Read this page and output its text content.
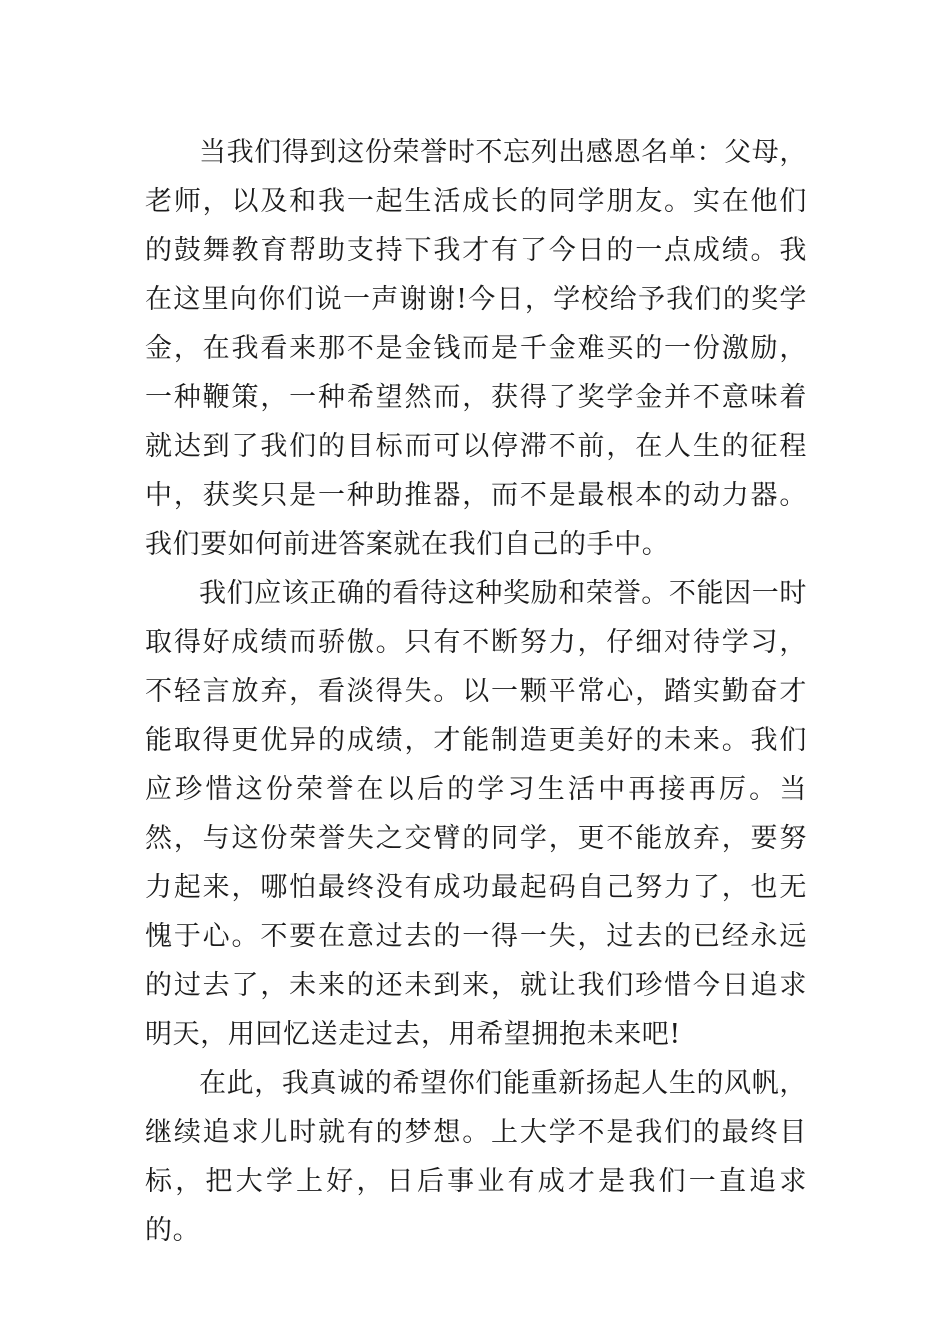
当我们得到这份荣誉时不忘列出感恩名单：父母，老师，以及和我一起生活成长的同学朋友。实在他们的鼓舞教育帮助支持下我才有了今日的一点成绩。我在这里向你们说一声谢谢!今日，学校给予我们的奖学金，在我看来那不是金钱而是千金难买的一份激励，一种鞭策，一种希望然而，获得了奖学金并不意味着就达到了我们的目标而可以停滞不前，在人生的征程中，获奖只是一种助推器，而不是最根本的动力器。我们要如何前进答案就在我们自己的手中。

我们应该正确的看待这种奖励和荣誉。不能因一时取得好成绩而骄傲。只有不断努力，仔细对待学习，不轻言放弃，看淡得失。以一颗平常心，踏实勤奋才能取得更优异的成绩，才能制造更美好的未来。我们应珍惜这份荣誉在以后的学习生活中再接再厉。当然，与这份荣誉失之交臂的同学，更不能放弃，要努力起来，哪怕最终没有成功最起码自己努力了，也无愧于心。不要在意过去的一得一失，过去的已经永远的过去了，未来的还未到来，就让我们珍惜今日追求明天，用回忆送走过去，用希望拥抱未来吧!

在此，我真诚的希望你们能重新扬起人生的风帆，继续追求儿时就有的梦想。上大学不是我们的最终目标，把大学上好，日后事业有成才是我们一直追求的。
